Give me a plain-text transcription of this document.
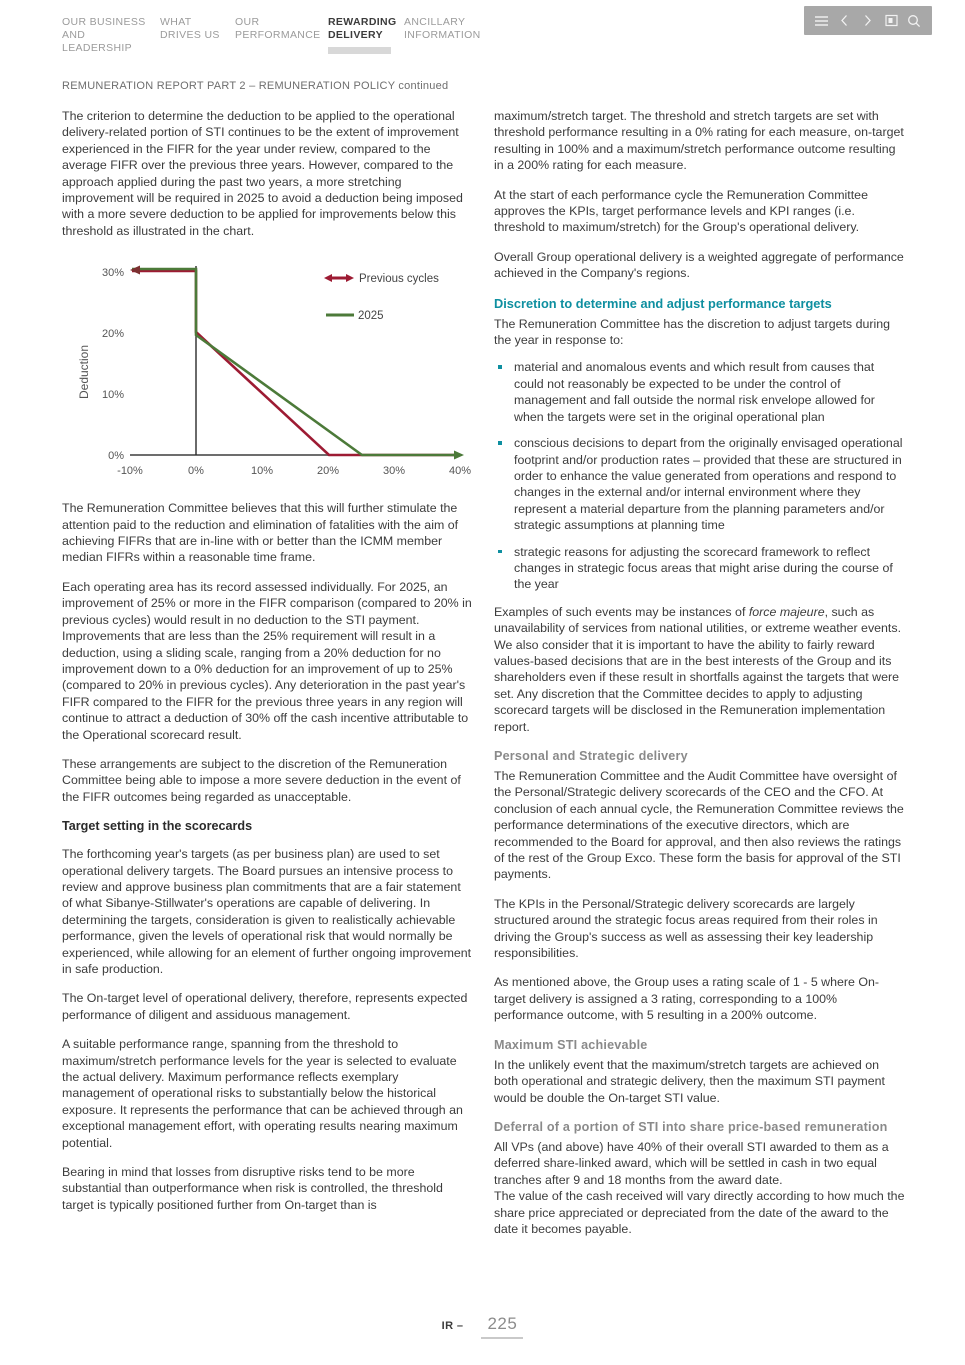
OUR BUSINESS
AND LEADERSHIP
WHAT
DRIVES US
OUR
PERFORMANCE
REWARDING
DELIVERY
ANCILLARY
INFORMATION
REMUNERATION REPORT PART 2 – REMUNERATION POLICY continued

The criterion to determine the deduction to be applied to the operational delivery-related portion of STI continues to be the extent of improvement experienced in the FIFR for the year under review, compared to the average FIFR over the previous three years. However, compared to the approach applied during the past two years, a more stretching improvement will be required in 2025 to avoid a deduction being imposed with a more severe deduction to be applied for improvements below this threshold as illustrated in the chart.

Deduction
30%
20%
10%
0%
-10%	0%	10%	20%	30%	40%
Previous cycles
2025

The Remuneration Committee believes that this will further stimulate the attention paid to the reduction and elimination of fatalities with the aim of achieving FIFRs that are in-line with or better than the ICMM member median FIFRs within a reasonable time frame.

Each operating area has its record assessed individually. For 2025, an improvement of 25% or more in the FIFR comparison (compared to 20% in previous cycles) would result in no deduction to the STI payment. Improvements that are less than the 25% requirement will result in a deduction, using a sliding scale, ranging from a 20% deduction for no improvement down to a 0% deduction for an improvement of up to 25% (compared to 20% in previous cycles). Any deterioration in the past year's FIFR compared to the FIFR for the previous three years in any region will continue to attract a deduction of 30% off the cash incentive attributable to the Operational scorecard result.

These arrangements are subject to the discretion of the Remuneration Committee being able to impose a more severe deduction in the event of the FIFR outcomes being regarded as unacceptable.

Target setting in the scorecards

The forthcoming year's targets (as per business plan) are used to set operational delivery targets. The Board pursues an intensive process to review and approve business plan commitments that are a fair statement of what Sibanye-Stillwater's operations are capable of delivering. In determining the targets, consideration is given to realistically achievable performance, given the levels of operational risk that would normally be experienced, while allowing for an element of further ongoing improvement in safe production.

The On-target level of operational delivery, therefore, represents expected performance of diligent and assiduous management.

A suitable performance range, spanning from the threshold to maximum/stretch performance levels for the year is selected to evaluate the actual delivery. Maximum performance reflects exemplary management of operational risks to substantially below the historical exposure. It represents the performance that can be achieved through an exceptional management effort, with operating results nearing maximum potential.

Bearing in mind that losses from disruptive risks tend to be more substantial than outperformance when risk is controlled, the threshold target is typically positioned further from On-target than is

maximum/stretch target. The threshold and stretch targets are set with threshold performance resulting in a 0% rating for each measure, on-target resulting in 100% and a maximum/stretch performance outcome resulting in a 200% rating for each measure.

At the start of each performance cycle the Remuneration Committee approves the KPIs, target performance levels and KPI ranges (i.e. threshold to maximum/stretch) for the Group's operational delivery.

Overall Group operational delivery is a weighted aggregate of performance achieved in the Company's regions.

Discretion to determine and adjust performance targets

The Remuneration Committee has the discretion to adjust targets during the year in response to:

material and anomalous events and which result from causes that could not reasonably be expected to be under the control of management and fall outside the normal risk envelope allowed for when the targets were set in the original operational plan
conscious decisions to depart from the originally envisaged operational footprint and/or production rates – provided that these are structured in order to enhance the value generated from operations and respond to changes in the external and/or internal environment where they represent a material departure from the planning parameters and/or strategic assumptions at planning time
strategic reasons for adjusting the scorecard framework to reflect changes in strategic focus areas that might arise during the course of the year

Examples of such events may be instances of force majeure, such as unavailability of services from national utilities, or extreme weather events. We also consider that it is important to have the ability to fairly reward values-based decisions that are in the best interests of the Group and its shareholders even if these result in shortfalls against the targets that were set. Any discretion that the Committee decides to apply to adjusting scorecard targets will be disclosed in the Remuneration implementation report.

Personal and Strategic delivery

The Remuneration Committee and the Audit Committee have oversight of the Personal/Strategic delivery scorecards of the CEO and the CFO. At conclusion of each annual cycle, the Remuneration Committee reviews the performance determinations of the executive directors, which are recommended to the Board for approval, and then also reviews the ratings of the rest of the Group Exco. These form the basis for approval of the STI payments.

The KPIs in the Personal/Strategic delivery scorecards are largely structured around the strategic focus areas required from their roles in driving the Group's success as well as assessing their key leadership responsibilities.

As mentioned above, the Group uses a rating scale of 1 - 5 where On-target delivery is assigned a 3 rating, corresponding to a 100% performance outcome, with 5 resulting in a 200% outcome.

Maximum STI achievable

In the unlikely event that the maximum/stretch targets are achieved on both operational and strategic delivery, then the maximum STI payment would be double the On-target STI value.

Deferral of a portion of STI into share price-based remuneration

All VPs (and above) have 40% of their overall STI awarded to them as a deferred share-linked award, which will be settled in cash in two equal tranches after 9 and 18 months from the award date.

The value of the cash received will vary directly according to how much the share price appreciated or depreciated from the date of the award to the date it becomes payable.

IR –	225
